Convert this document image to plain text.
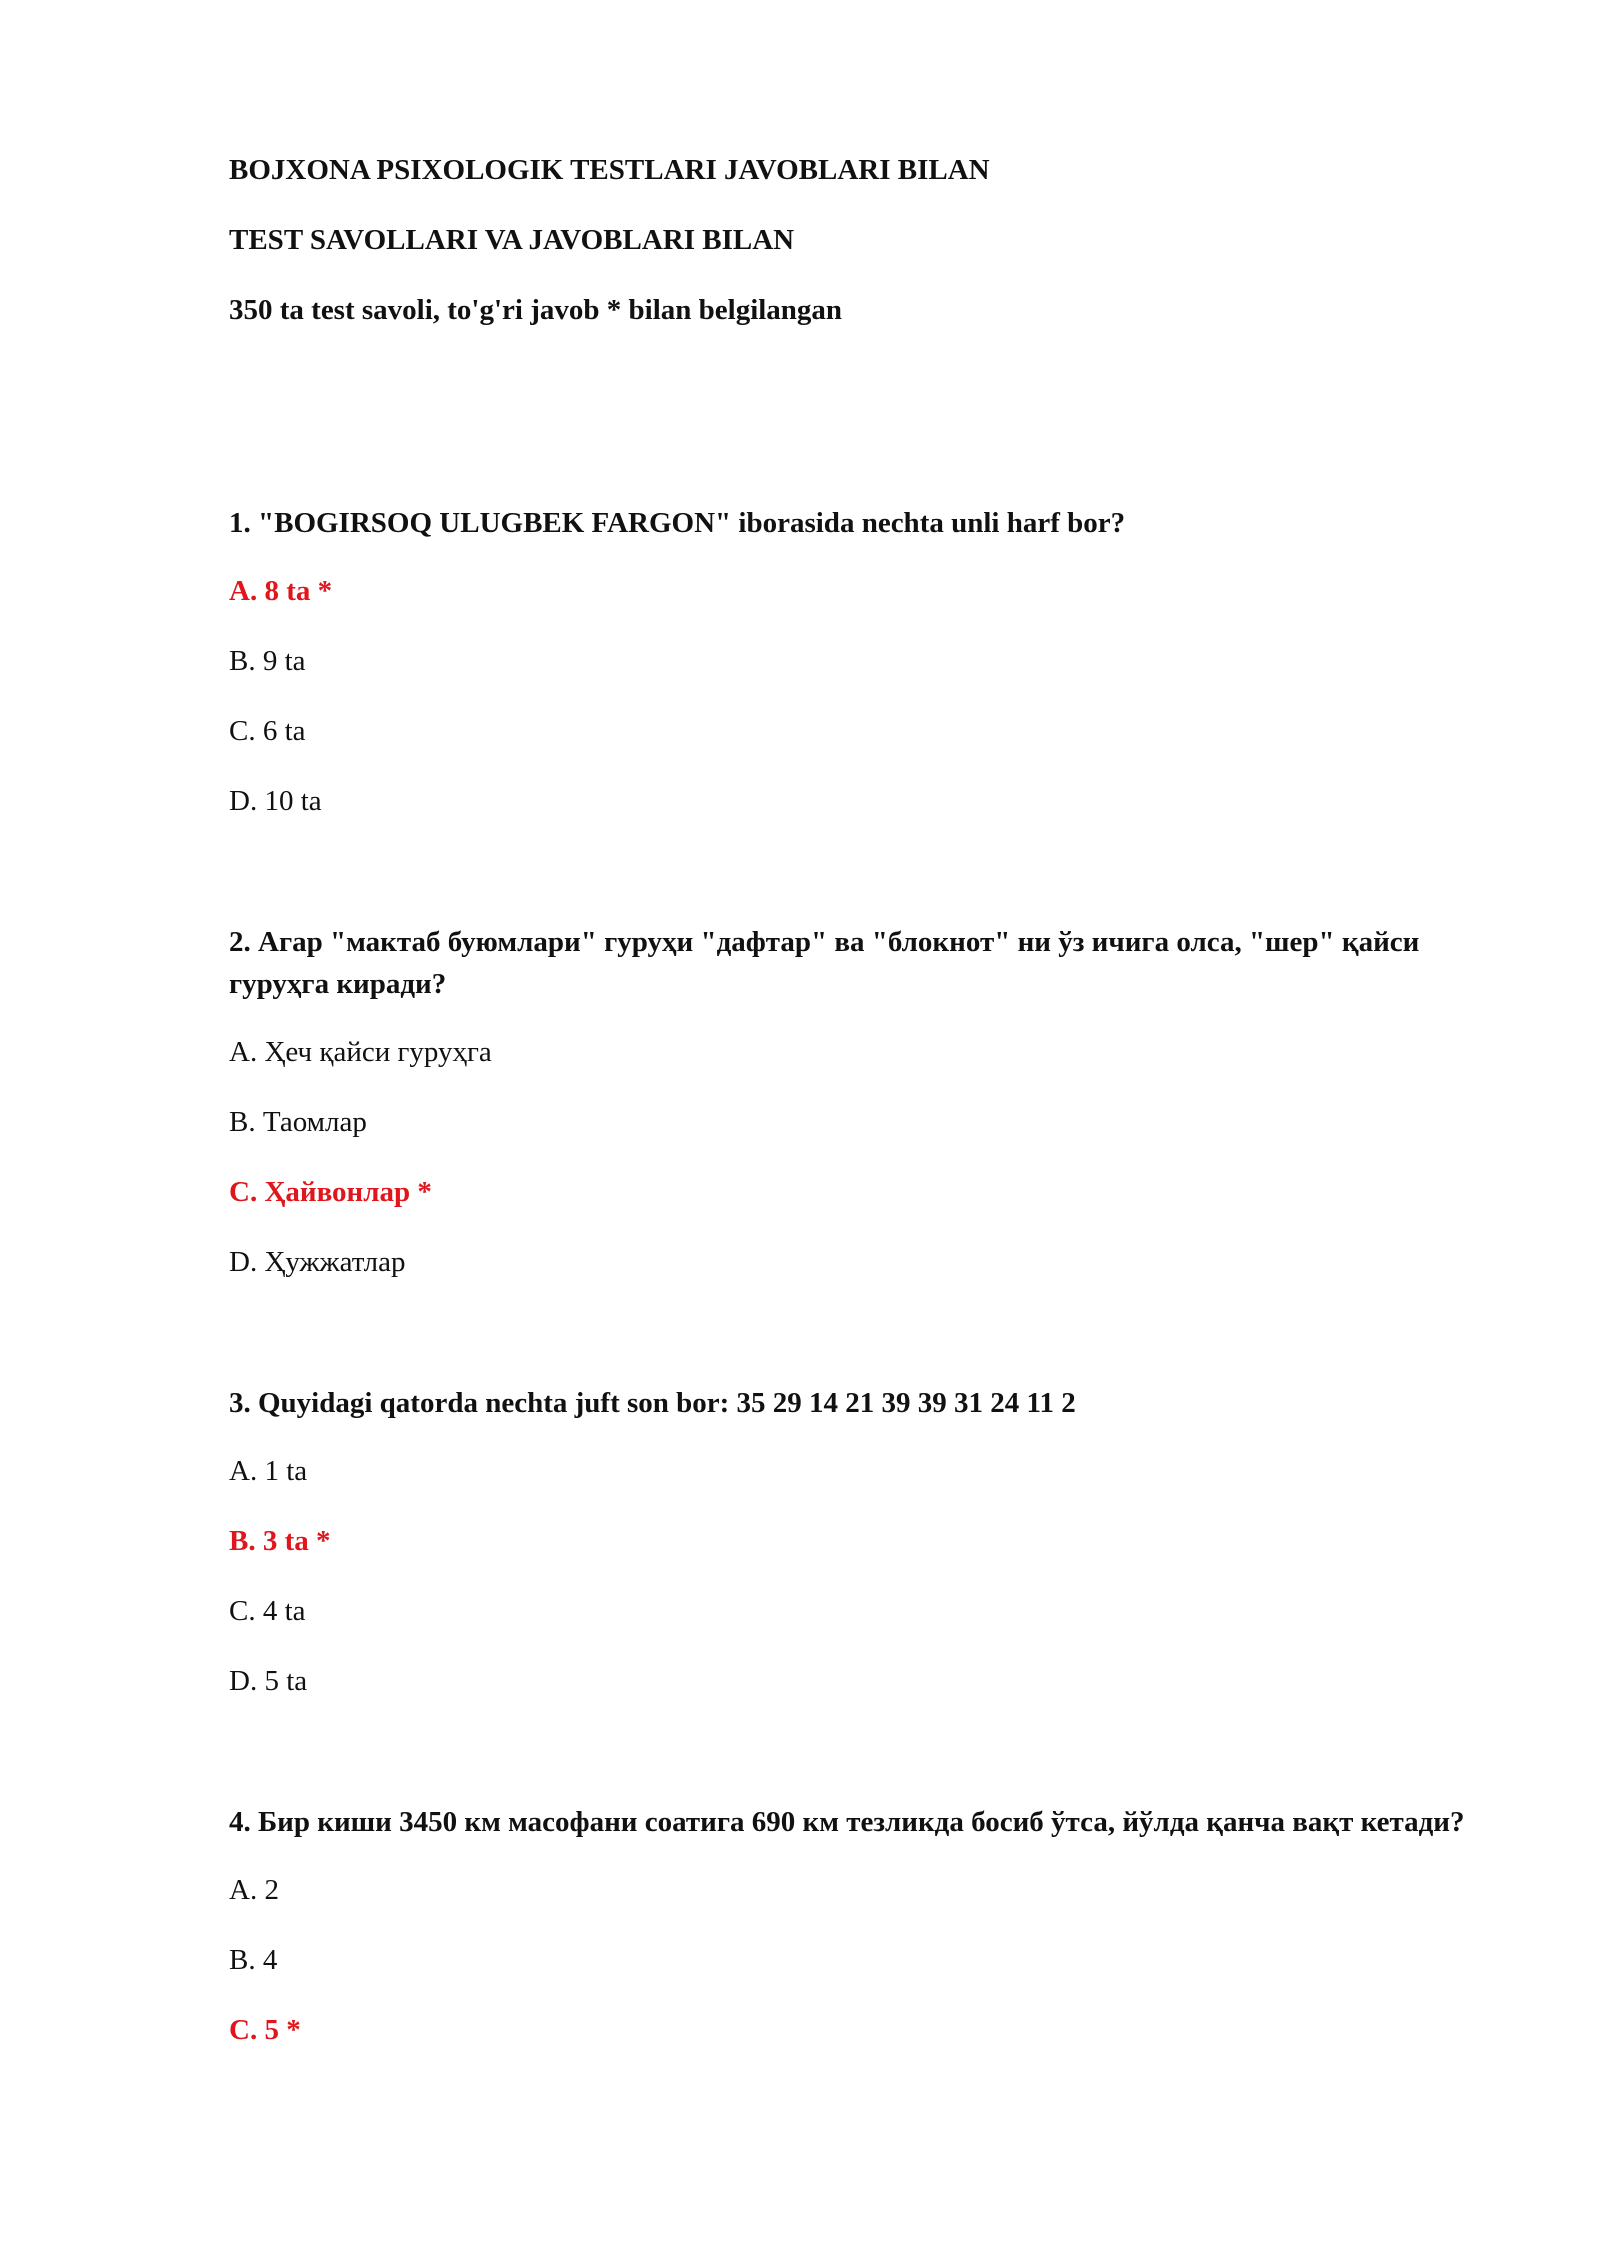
BOJXONA PSIXOLOGIK TESTLARI JAVOBLARI BILAN
TEST SAVOLLARI VA JAVOBLARI BILAN
350 ta test savoli, to'g'ri javob * bilan belgilangan
1. "BOGIRSOQ ULUGBEK FARGON" iborasida nechta unli harf bor?
A. 8 ta *
B. 9 ta
C. 6 ta
D. 10 ta
2. Агар "мактаб буюмлари" гуруҳи "дафтар" ва "блокнот" ни ўз ичига олса, "шер" қайси гуруҳга киради?
A. Ҳеч қайси гуруҳга
B. Таомлар
C. Ҳайвонлар *
D. Ҳужжатлар
3. Quyidagi qatorda nechta juft son bor: 35 29 14 21 39 39 31 24 11 2
A. 1 ta
B. 3 ta *
C. 4 ta
D. 5 ta
4. Бир киши 3450 км масофани соатига 690 км тезликда босиб ўтса, йўлда қанча вақт кетади?
A. 2
B. 4
C. 5 *
